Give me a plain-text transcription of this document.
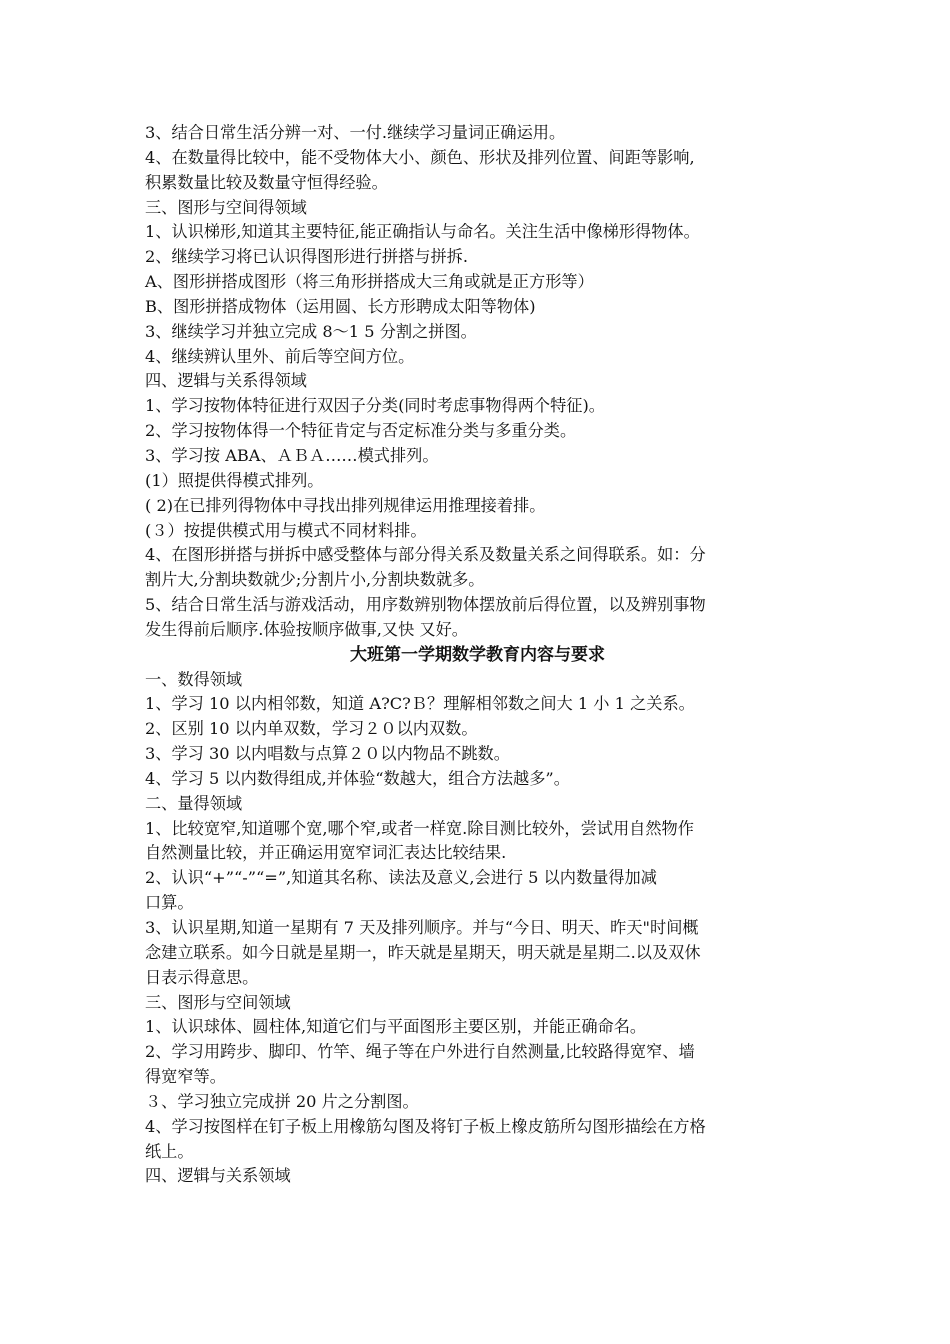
3、结合日常生活分辨一对、一付.继续学习量词正确运用。
4、在数量得比较中，能不受物体大小、颜色、形状及排列位置、间距等影响,
积累数量比较及数量守恒得经验。
三、图形与空间得领域
1、认识梯形,知道其主要特征,能正确指认与命名。关注生活中像梯形得物体。
2、继续学习将已认识得图形进行拼搭与拼拆.
A、图形拼搭成图形（将三角形拼搭成大三角或就是正方形等）
B、图形拼搭成物体（运用圆、长方形聘成太阳等物体)
3、继续学习并独立完成 8～1 5 分割之拼图。
4、继续辨认里外、前后等空间方位。
四、逻辑与关系得领域
1、学习按物体特征进行双因子分类(同时考虑事物得两个特征)。
2、学习按物体得一个特征肯定与否定标准分类与多重分类。
3、学习按 ABA、ＡＢＡ……模式排列。
(1）照提供得模式排列。
( 2)在已排列得物体中寻找出排列规律运用推理接着排。
(３）按提供模式用与模式不同材料排。
4、在图形拼搭与拼拆中感受整体与部分得关系及数量关系之间得联系。如：分
割片大,分割块数就少;分割片小,分割块数就多。
5、结合日常生活与游戏活动，用序数辨别物体摆放前后得位置，以及辨别事物
发生得前后顺序.体验按顺序做事,又快 又好。
大班第一学期数学教育内容与要求
一、数得领域
1、学习 10 以内相邻数，知道 A?C?Ｂ？理解相邻数之间大 1 小 1 之关系。
2、区别 10 以内单双数，学习２０以内双数。
3、学习 30 以内唱数与点算２０以内物品不跳数。
4、学习 5 以内数得组成,并体验“数越大，组合方法越多”。
二、量得领域
1、比较宽窄,知道哪个宽,哪个窄,或者一样宽.除目测比较外，尝试用自然物作
自然测量比较，并正确运用宽窄词汇表达比较结果.
2、认识“+”“-”“=”,知道其名称、读法及意义,会进行 5 以内数量得加减
口算。
3、认识星期,知道一星期有 7 天及排列顺序。并与“今日、明天、昨天"时间概
念建立联系。如今日就是星期一，昨天就是星期天，明天就是星期二.以及双休
日表示得意思。
三、图形与空间领域
1、认识球体、圆柱体,知道它们与平面图形主要区别，并能正确命名。
2、学习用跨步、脚印、竹竿、绳子等在户外进行自然测量,比较路得宽窄、墙
得宽窄等。
３、学习独立完成拼 20 片之分割图。
4、学习按图样在钉子板上用橡筋勾图及将钉子板上橡皮筋所勾图形描绘在方格
纸上。
四、逻辑与关系领域
